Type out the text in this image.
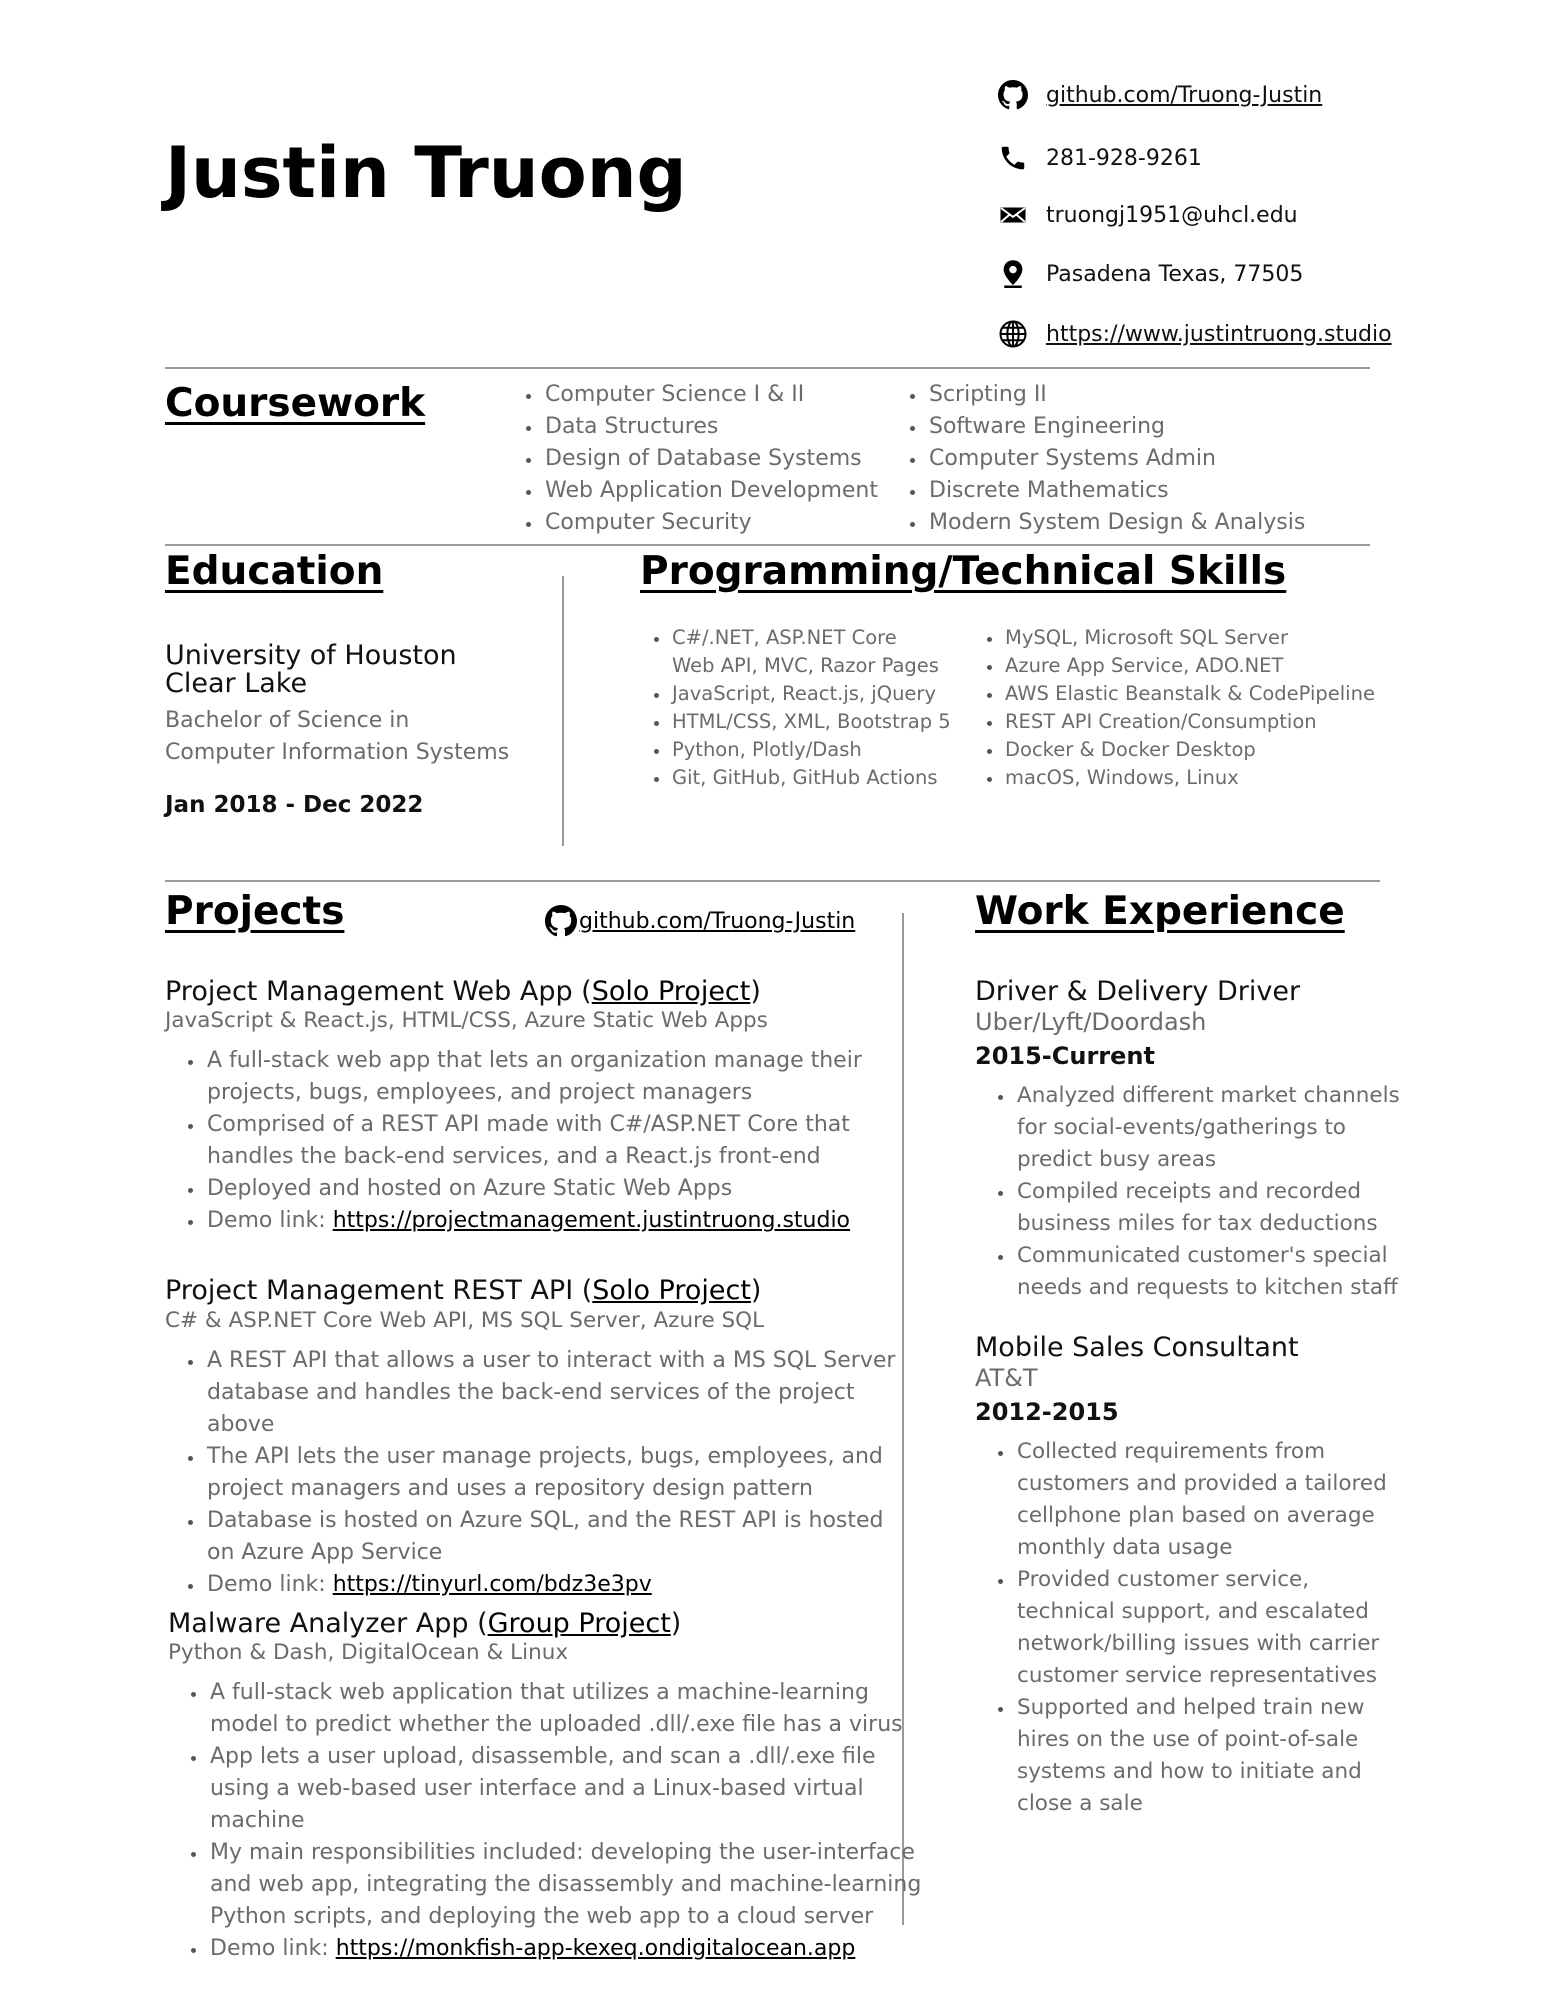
Justin Truong
github.com/Truong-Justin
281-928-9261
truongj1951@uhcl.edu
Pasadena Texas, 77505
https://www.justintruong.studio
Coursework
•	Computer Science I & II
• Data Structures
• Design of Database Systems
• Web Application Development
• Computer Security
• Scripting II
• Software Engineering
• Computer Systems Admin
• Discrete Mathematics
• Modern System Design & Analysis
Education

University of Houston

Clear Lake

Bachelor of Science in
Computer Information Systems
Jan 2018 - Dec 2022
Programming/Technical Skills
• C#/.NET, ASP.NET Core
Web API, MVC, Razor Pages
• JavaScript, React.js, jQuery
• HTML/CSS, XML, Bootstrap 5
• Python, Plotly/Dash
• Git, GitHub, GitHub Actions
• MySQL, Microsoft SQL Server
• Azure App Service, ADO.NET
• AWS Elastic Beanstalk & CodePipeline
• REST API Creation/Consumption
• Docker & Docker Desktop
• macOS, Windows, Linux
Projects	github.com/Truong-Justin

Project Management Web App (Solo Project)

JavaScript & React.js, HTML/CSS, Azure Static Web Apps
• A full-stack web app that lets an organization manage their projects, bugs, employees, and project managers
• Comprised of a REST API made with C#/ASP.NET Core that handles the back-end services, and a React.js front-end
• Deployed and hosted on Azure Static Web Apps
• Demo link: https://projectmanagement.justintruong.studio

Project Management REST API (Solo Project)

C# & ASP.NET Core Web API, MS SQL Server, Azure SQL
• A REST API that allows a user to interact with a MS SQL Server database and handles the back-end services of the project above
• The API lets the user manage projects, bugs, employees, and project managers and uses a repository design pattern
• Database is hosted on Azure SQL, and the REST API is hosted on Azure App Service
• Demo link: https://tinyurl.com/bdz3e3pv

Malware Analyzer App (Group Project)

Python & Dash, DigitalOcean & Linux
• A full-stack web application that utilizes a machine-learning model to predict whether the uploaded .dll/.exe file has a virus
• App lets a user upload, disassemble, and scan a .dll/.exe file using a web-based user interface and a Linux-based virtual machine
• My main responsibilities included: developing the user-interface and web app, integrating the disassembly and machine-learning Python scripts, and deploying the web app to a cloud server
• Demo link: https://monkfish-app-kexeq.ondigitalocean.app
Work Experience

Driver & Delivery Driver

Uber/Lyft/Doordash
2015-Current
• Analyzed different market channels for social-events/gatherings to predict busy areas
• Compiled receipts and recorded business miles for tax deductions
• Communicated customer's special needs and requests to kitchen staff

Mobile Sales Consultant

AT&T
2012-2015
• Collected requirements from customers and provided a tailored cellphone plan based on average monthly data usage
• Provided customer service, technical support, and escalated network/billing issues with carrier customer service representatives
• Supported and helped train new hires on the use of point-of-sale systems and how to initiate and close a sale
